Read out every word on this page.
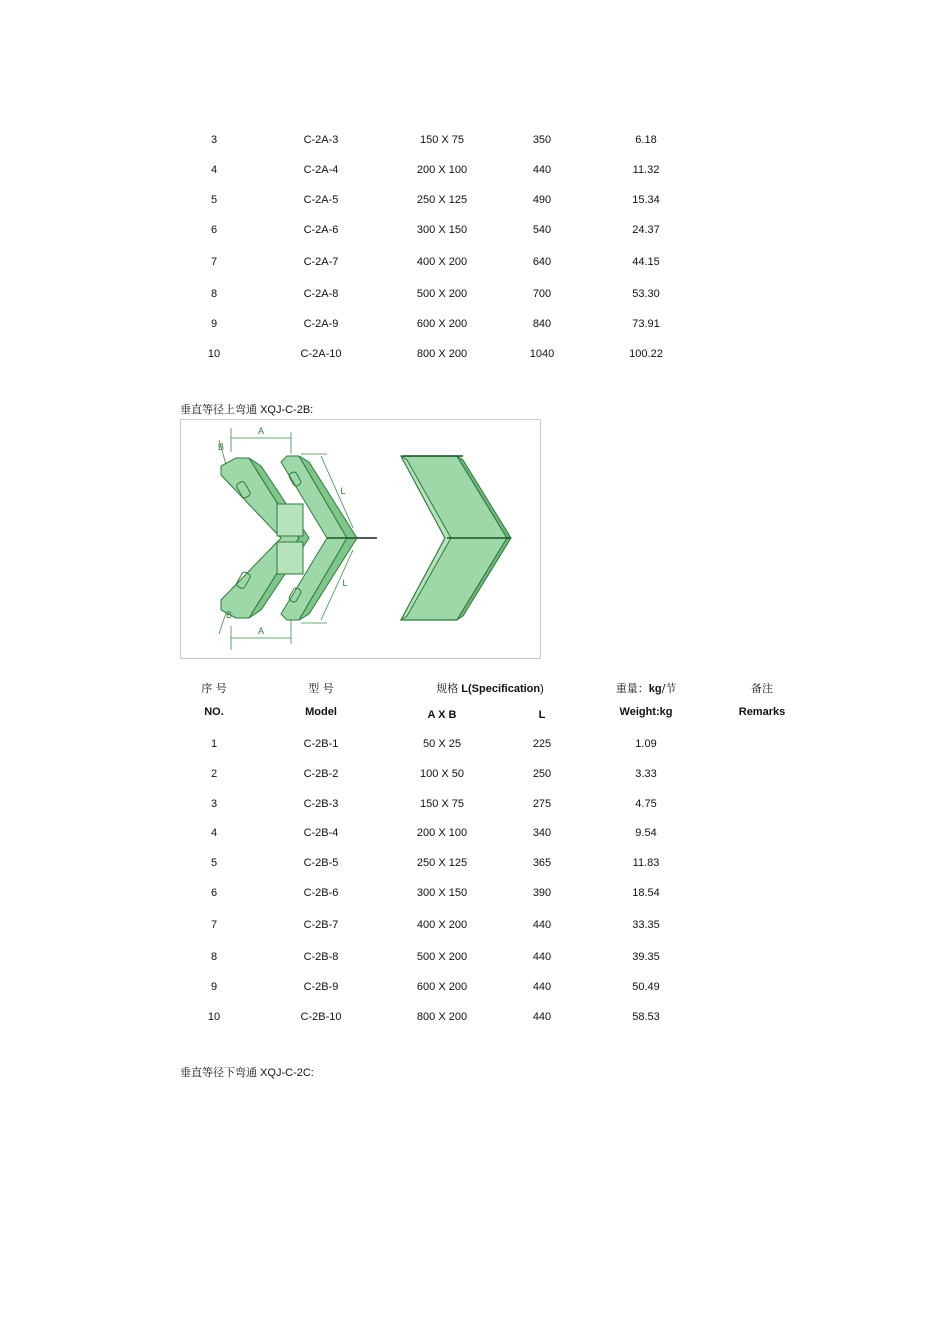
3	C-2A-3	150 X 75	350	6.18
4	C-2A-4	200 X 100	440	11.32
5	C-2A-5	250 X 125	490	15.34
6	C-2A-6	300 X 150	540	24.37
7	C-2A-7	400 X 200	640	44.15
8	C-2A-8	500 X 200	700	53.30
9	C-2A-9	600 X 200	840	73.91
10	C-2A-10	800 X 200	1040	100.22
垂直等径上弯通 XQJ-C-2B:
A
A
B
B
L
L
序 号	型 号	规格 L(Specification)	重量：kg/节	备注
NO.	Model	A X B	L	Weight:kg	Remarks
1	C-2B-1	50 X 25	225	1.09
2	C-2B-2	100 X 50	250	3.33
3	C-2B-3	150 X 75	275	4.75
4	C-2B-4	200 X 100	340	9.54
5	C-2B-5	250 X 125	365	11.83
6	C-2B-6	300 X 150	390	18.54
7	C-2B-7	400 X 200	440	33.35
8	C-2B-8	500 X 200	440	39.35
9	C-2B-9	600 X 200	440	50.49
10	C-2B-10	800 X 200	440	58.53
垂直等径下弯通 XQJ-C-2C:
